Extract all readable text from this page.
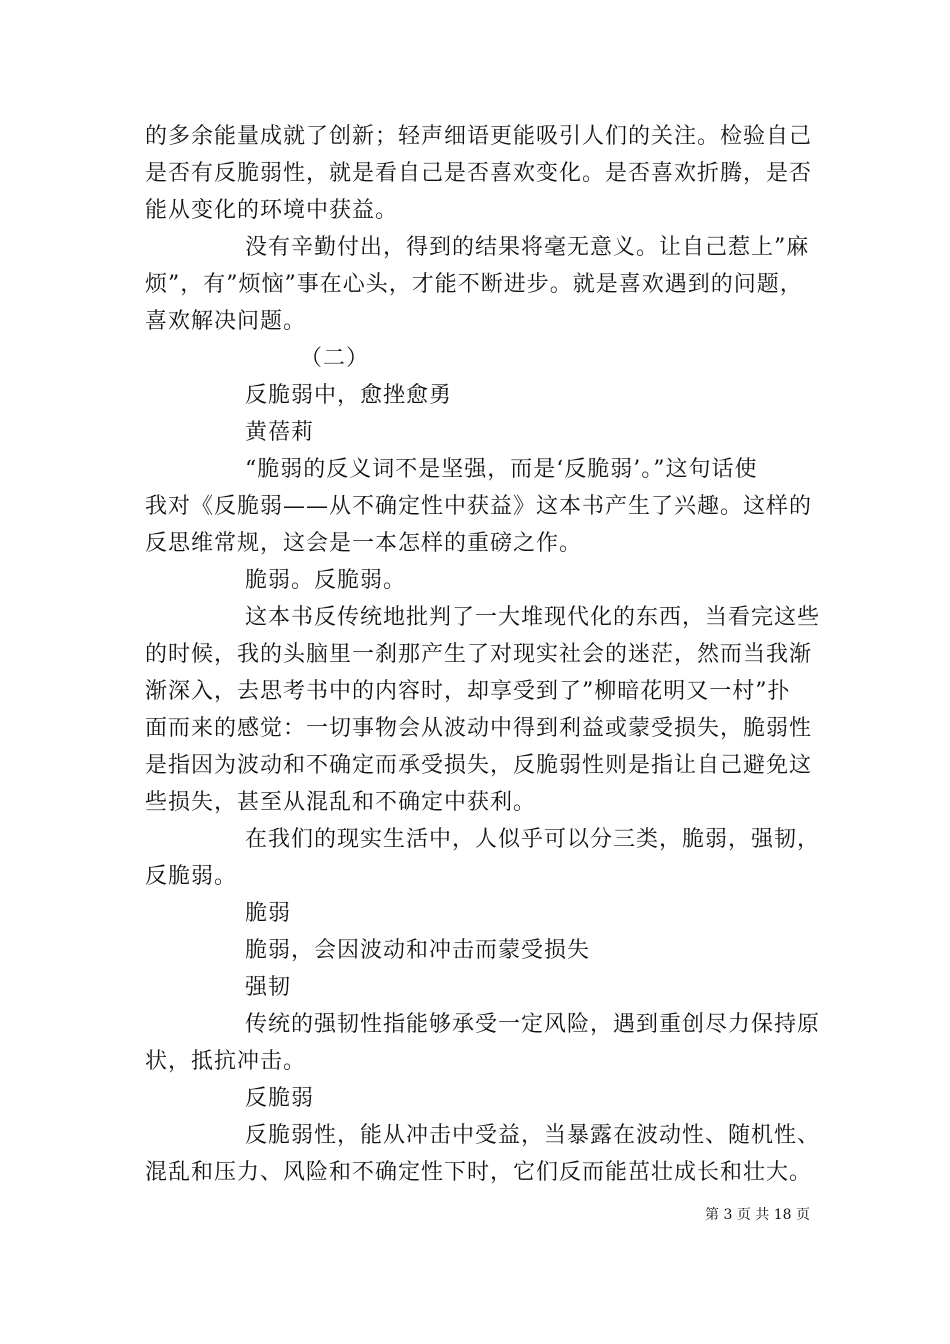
的多余能量成就了创新；轻声细语更能吸引人们的关注。检验自己
是否有反脆弱性，就是看自己是否喜欢变化。是否喜欢折腾，是否
能从变化的环境中获益。
没有辛勤付出，得到的结果将毫无意义。让自己惹上”麻
烦”，有”烦恼”事在心头，才能不断进步。就是喜欢遇到的问题，
喜欢解决问题。
（二）
反脆弱中，愈挫愈勇
黄蓓莉
“脆弱的反义词不是坚强，而是‘反脆弱’。”这句话使
我对《反脆弱——从不确定性中获益》这本书产生了兴趣。这样的
反思维常规，这会是一本怎样的重磅之作。
脆弱。反脆弱。
这本书反传统地批判了一大堆现代化的东西，当看完这些
的时候，我的头脑里一刹那产生了对现实社会的迷茫，然而当我渐
渐深入，去思考书中的内容时，却享受到了”柳暗花明又一村”扑
面而来的感觉：一切事物会从波动中得到利益或蒙受损失，脆弱性
是指因为波动和不确定而承受损失，反脆弱性则是指让自己避免这
些损失，甚至从混乱和不确定中获利。
在我们的现实生活中，人似乎可以分三类，脆弱，强韧，
反脆弱。
脆弱
脆弱，会因波动和冲击而蒙受损失
强韧
传统的强韧性指能够承受一定风险，遇到重创尽力保持原
状，抵抗冲击。
反脆弱
反脆弱性，能从冲击中受益，当暴露在波动性、随机性、
混乱和压力、风险和不确定性下时，它们反而能茁壮成长和壮大。
第 3 页 共 18 页
